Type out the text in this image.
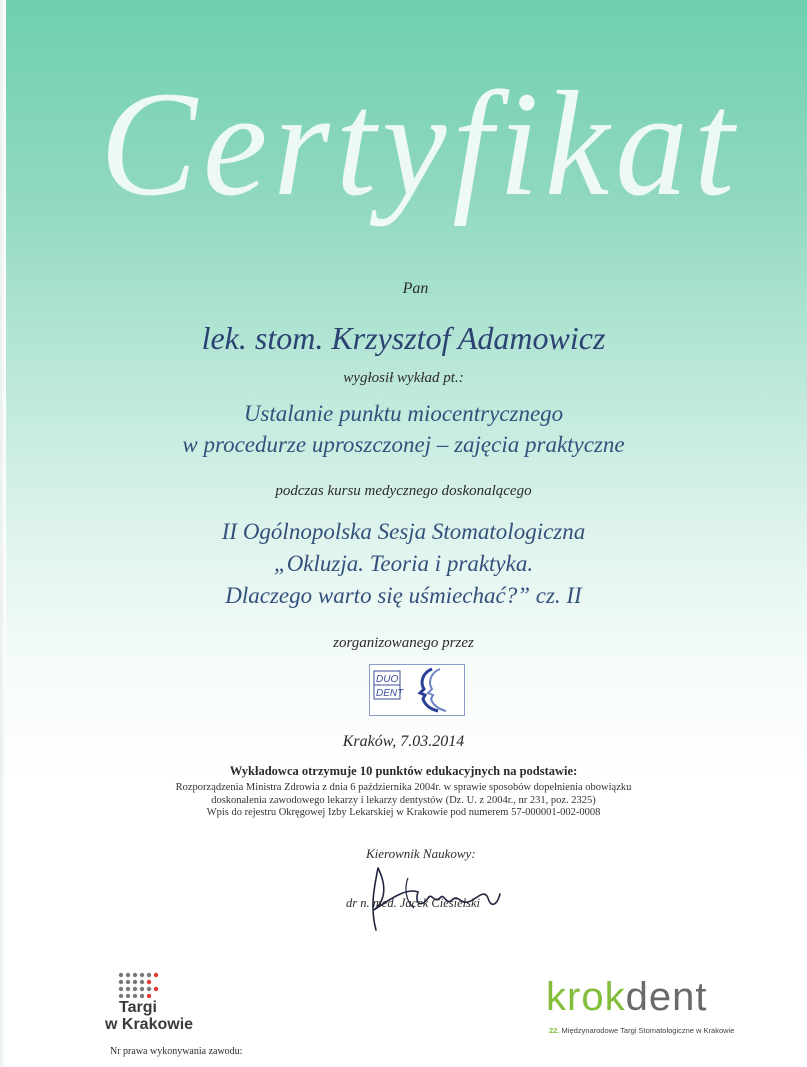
Certyfikat
Pan
lek. stom. Krzysztof Adamowicz
wygłosił wykład pt.:
Ustalanie punktu miocentrycznego
w procedurze uproszczonej – zajęcia praktyczne
podczas kursu medycznego doskonalącego
II Ogólnopolska Sesja Stomatologiczna
„Okluzja. Teoria i praktyka.
Dlaczego warto się uśmiechać?” cz. II
zorganizowanego przez
DUO
DENT
Kraków, 7.03.2014
Wykładowca otrzymuje 10 punktów edukacyjnych na podstawie:
Rozporządzenia Ministra Zdrowia z dnia 6 października 2004r. w sprawie sposobów dopełnienia obowiązku
doskonalenia zawodowego lekarzy i lekarzy dentystów (Dz. U. z 2004r., nr 231, poz. 2325)
Wpis do rejestru Okręgowej Izby Lekarskiej w Krakowie pod numerem 57-000001-002-0008
Kierownik Naukowy:
dr n. med. Jacek Ciesielski
Targi
w Krakowie
krokdent
22. Międzynarodowe Targi Stomatologiczne w Krakowie
Nr prawa wykonywania zawodu:
